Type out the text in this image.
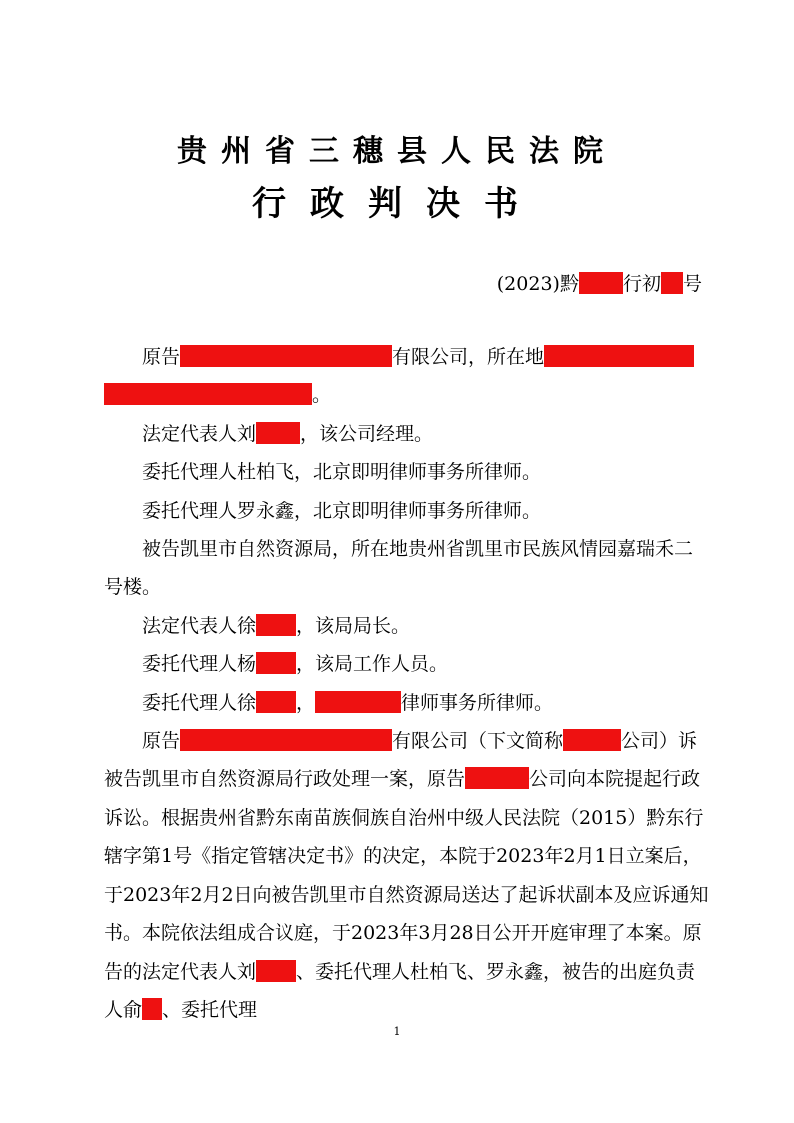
贵州省三穗县人民法院
行政判决书
(2023)黔 行初 号

原告	有限公司，所在地。

法定代表人刘 ，该公司经理。

委托代理人杜柏飞，北京即明律师事务所律师。

委托代理人罗永鑫，北京即明律师事务所律师。

被告凯里市自然资源局，所在地贵州省凯里市民族风情园嘉瑞禾二号楼。

法定代表人徐 ，该局局长。

委托代理人杨 ，该局工作人员。

委托代理人徐 ，	律师事务所律师。

原告	有限公司（下文简称	公司）诉被告凯里市自然资源局行政处理一案，原告	公司向本院提起行政诉讼。根据贵州省黔东南苗族侗族自治州中级人民法院（2015）黔东行辖字第1号《指定管辖决定书》的决定，本院于2023年2月1日立案后，于2023年2月2日向被告凯里市自然资源局送达了起诉状副本及应诉通知书。本院依法组成合议庭，于2023年3月28日公开开庭审理了本案。原告的法定代表人刘 、委托代理人杜柏飞、罗永鑫，被告的出庭负责人俞 、委托代理

1
